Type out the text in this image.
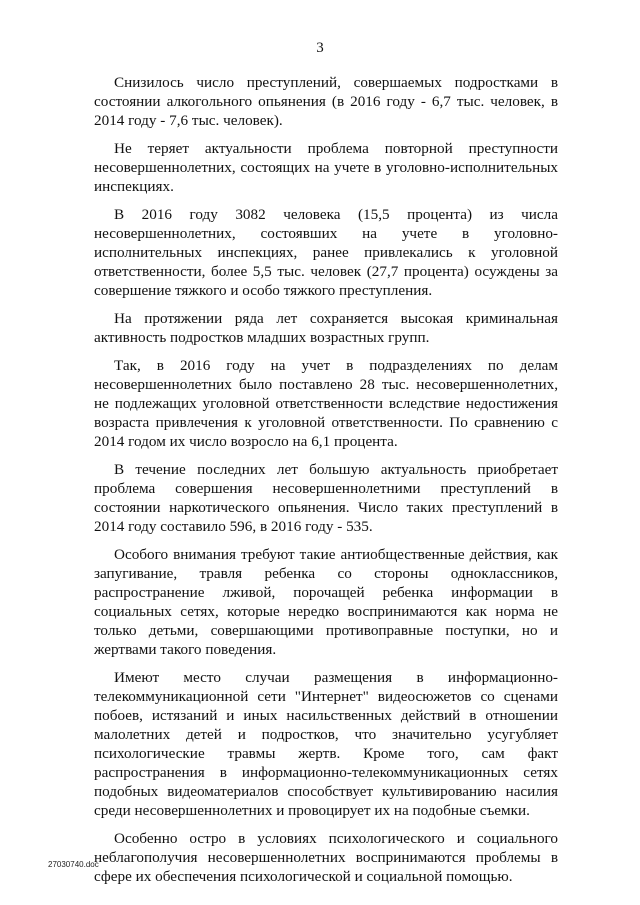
3

Снизилось число преступлений, совершаемых подростками в состоянии алкогольного опьянения (в 2016 году - 6,7 тыс. человек, в 2014 году - 7,6 тыс. человек).

Не теряет актуальности проблема повторной преступности несовершеннолетних, состоящих на учете в уголовно-исполнительных инспекциях.

В 2016 году 3082 человека (15,5 процента) из числа несовершеннолетних, состоявших на учете в уголовно-исполнительных инспекциях, ранее привлекались к уголовной ответственности, более 5,5 тыс. человек (27,7 процента) осуждены за совершение тяжкого и особо тяжкого преступления.

На протяжении ряда лет сохраняется высокая криминальная активность подростков младших возрастных групп.

Так, в 2016 году на учет в подразделениях по делам несовершеннолетних было поставлено 28 тыс. несовершеннолетних, не подлежащих уголовной ответственности вследствие недостижения возраста привлечения к уголовной ответственности. По сравнению с 2014 годом их число возросло на 6,1 процента.

В течение последних лет большую актуальность приобретает проблема совершения несовершеннолетними преступлений в состоянии наркотического опьянения. Число таких преступлений в 2014 году составило 596, в 2016 году - 535.

Особого внимания требуют такие антиобщественные действия, как запугивание, травля ребенка со стороны одноклассников, распространение лживой, порочащей ребенка информации в социальных сетях, которые нередко воспринимаются как норма не только детьми, совершающими противоправные поступки, но и жертвами такого поведения.

Имеют место случаи размещения в информационно-телекоммуникационной сети "Интернет" видеосюжетов со сценами побоев, истязаний и иных насильственных действий в отношении малолетних детей и подростков, что значительно усугубляет психологические травмы жертв. Кроме того, сам факт распространения в информационно-телекоммуникационных сетях подобных видеоматериалов способствует культивированию насилия среди несовершеннолетних и провоцирует их на подобные съемки.

Особенно остро в условиях психологического и социального неблагополучия несовершеннолетних воспринимаются проблемы в сфере их обеспечения психологической и социальной помощью.

27030740.doc
